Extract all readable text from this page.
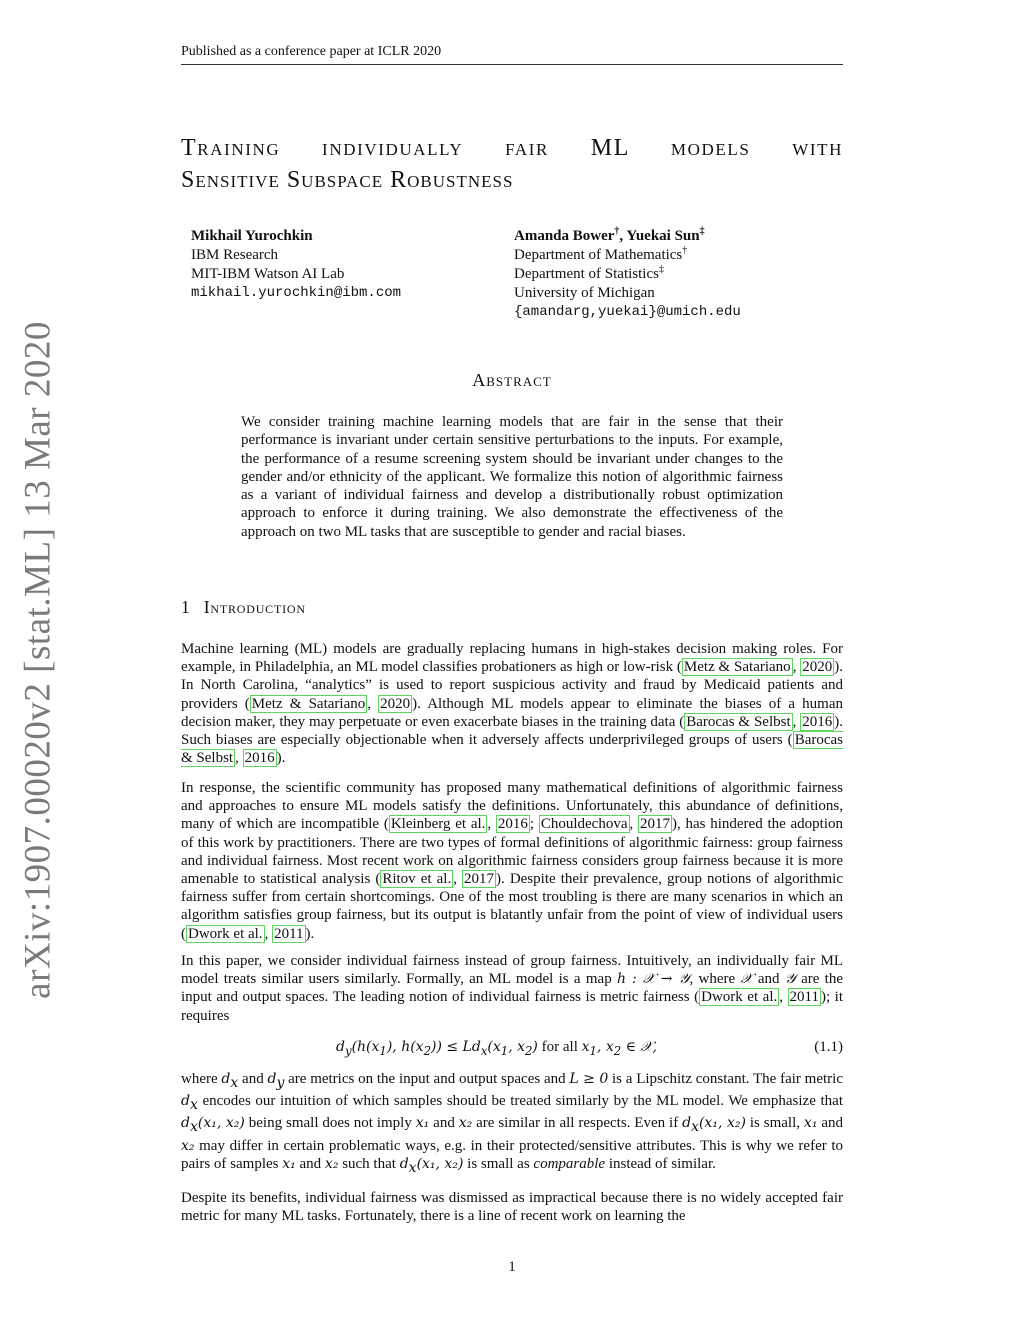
Published as a conference paper at ICLR 2020
arXiv:1907.00020v2 [stat.ML] 13 Mar 2020
Training individually fair ML models with
Sensitive Subspace Robustness
Mikhail Yurochkin
IBM Research
MIT-IBM Watson AI Lab
mikhail.yurochkin@ibm.com
Amanda Bower†, Yuekai Sun‡
Department of Mathematics†
Department of Statistics‡
University of Michigan
{amandarg,yuekai}@umich.edu
Abstract
We consider training machine learning models that are fair in the sense that their performance is invariant under certain sensitive perturbations to the inputs. For example, the performance of a resume screening system should be invariant under changes to the gender and/or ethnicity of the applicant. We formalize this notion of algorithmic fairness as a variant of individual fairness and develop a distributionally robust optimization approach to enforce it during training. We also demonstrate the effectiveness of the approach on two ML tasks that are susceptible to gender and racial biases.
1 Introduction

Machine learning (ML) models are gradually replacing humans in high-stakes decision making roles. For example, in Philadelphia, an ML model classifies probationers as high or low-risk ( Metz & Satariano , 2020 ). In North Carolina, “analytics” is used to report suspicious activity and fraud by Medicaid patients and providers ( Metz & Satariano , 2020 ). Although ML models appear to eliminate the biases of a human decision maker, they may perpetuate or even exacerbate biases in the training data ( Barocas & Selbst , 2016 ). Such biases are especially objectionable when it adversely affects underprivileged groups of users ( Barocas & Selbst , 2016 ).

In response, the scientific community has proposed many mathematical definitions of algorithmic fairness and approaches to ensure ML models satisfy the definitions. Unfortunately, this abundance of definitions, many of which are incompatible ( Kleinberg et al. , 2016 ; Chouldechova , 2017 ), has hindered the adoption of this work by practitioners. There are two types of formal definitions of algorithmic fairness: group fairness and individual fairness. Most recent work on algorithmic fairness considers group fairness because it is more amenable to statistical analysis ( Ritov et al. , 2017 ). Despite their prevalence, group notions of algorithmic fairness suffer from certain shortcomings. One of the most troubling is there are many scenarios in which an algorithm satisfies group fairness, but its output is blatantly unfair from the point of view of individual users ( Dwork et al. , 2011 ).

In this paper, we consider individual fairness instead of group fairness. Intuitively, an individually fair ML model treats similar users similarly. Formally, an ML model is a map h : 𝒳 → 𝒴, where 𝒳 and 𝒴 are the input and output spaces. The leading notion of individual fairness is metric fairness ( Dwork et al. , 2011 ); it requires

$d_y(h(x_1)$, $h(x_2)) \le Ld_x(x_1$, $x_2$) for all $x_1$, $x_2$ ∈ 𝒳,	(1.1)

where $d_x$ and $d_y$ are metrics on the input and output spaces and L ≥ 0 is a Lipschitz constant. The fair metric $d_x$ encodes our intuition of which samples should be treated similarly by the ML model. We emphasize that $d_x(x_1$, x₂) being small does not imply x₁ and x₂ are similar in all respects. Even if $d_x(x_1$, x₂) is small, x₁ and x₂ may differ in certain problematic ways, e.g. in their protected/sensitive attributes. This is why we refer to pairs of samples x₁ and x₂ such that $d_x(x_1$, x₂) is small as comparable instead of similar.

Despite its benefits, individual fairness was dismissed as impractical because there is no widely accepted fair metric for many ML tasks. Fortunately, there is a line of recent work on learning the

1
